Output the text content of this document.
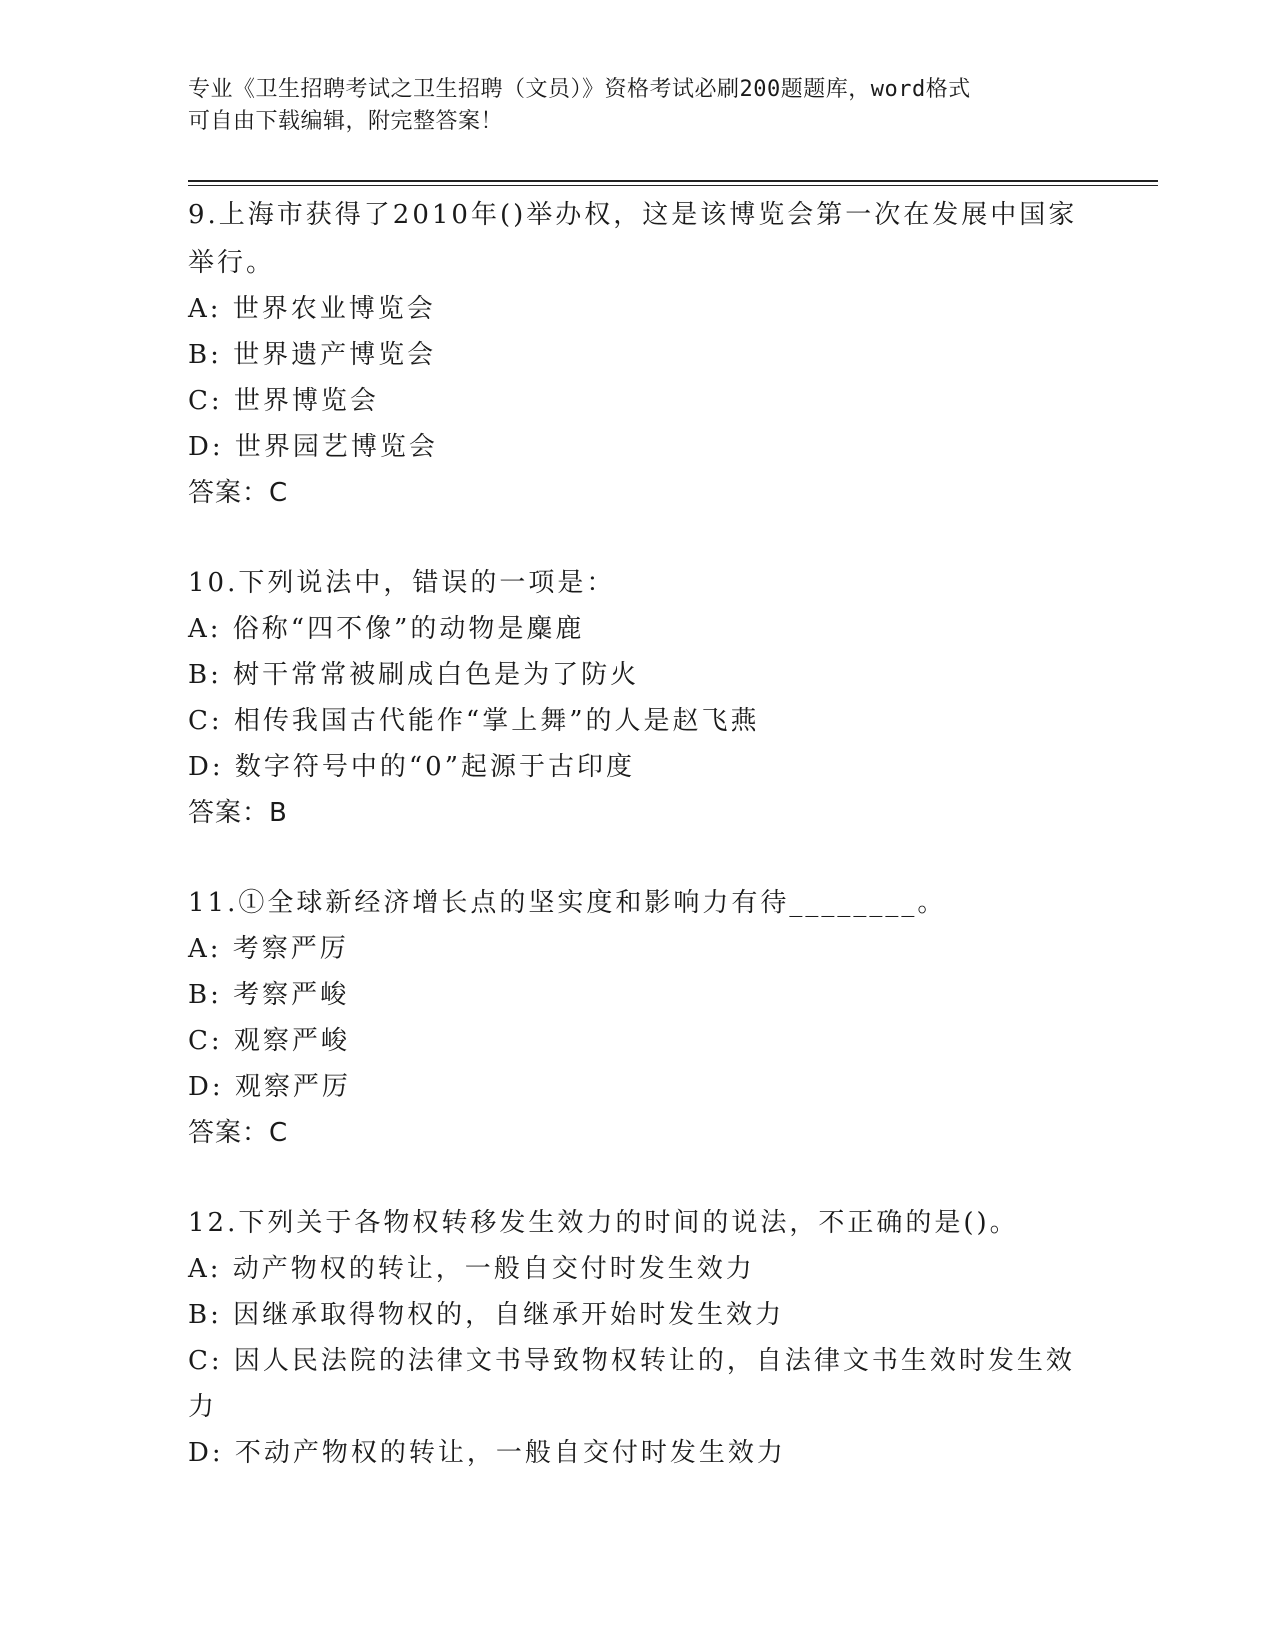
专业《卫生招聘考试之卫生招聘（文员）》资格考试必刷200题题库，word格式
可自由下载编辑，附完整答案！
9.上海市获得了2010年()举办权，这是该博览会第一次在发展中国家
举行。
A: 世界农业博览会
B: 世界遗产博览会
C: 世界博览会
D: 世界园艺博览会
答案：C
10.下列说法中，错误的一项是：
A: 俗称“四不像”的动物是麋鹿
B: 树干常常被刷成白色是为了防火
C: 相传我国古代能作“掌上舞”的人是赵飞燕
D: 数字符号中的“0”起源于古印度
答案：B
11.①全球新经济增长点的坚实度和影响力有待________。
A: 考察严厉
B: 考察严峻
C: 观察严峻
D: 观察严厉
答案：C
12.下列关于各物权转移发生效力的时间的说法，不正确的是()。
A: 动产物权的转让，一般自交付时发生效力
B: 因继承取得物权的，自继承开始时发生效力
C: 因人民法院的法律文书导致物权转让的，自法律文书生效时发生效
力
D: 不动产物权的转让，一般自交付时发生效力
